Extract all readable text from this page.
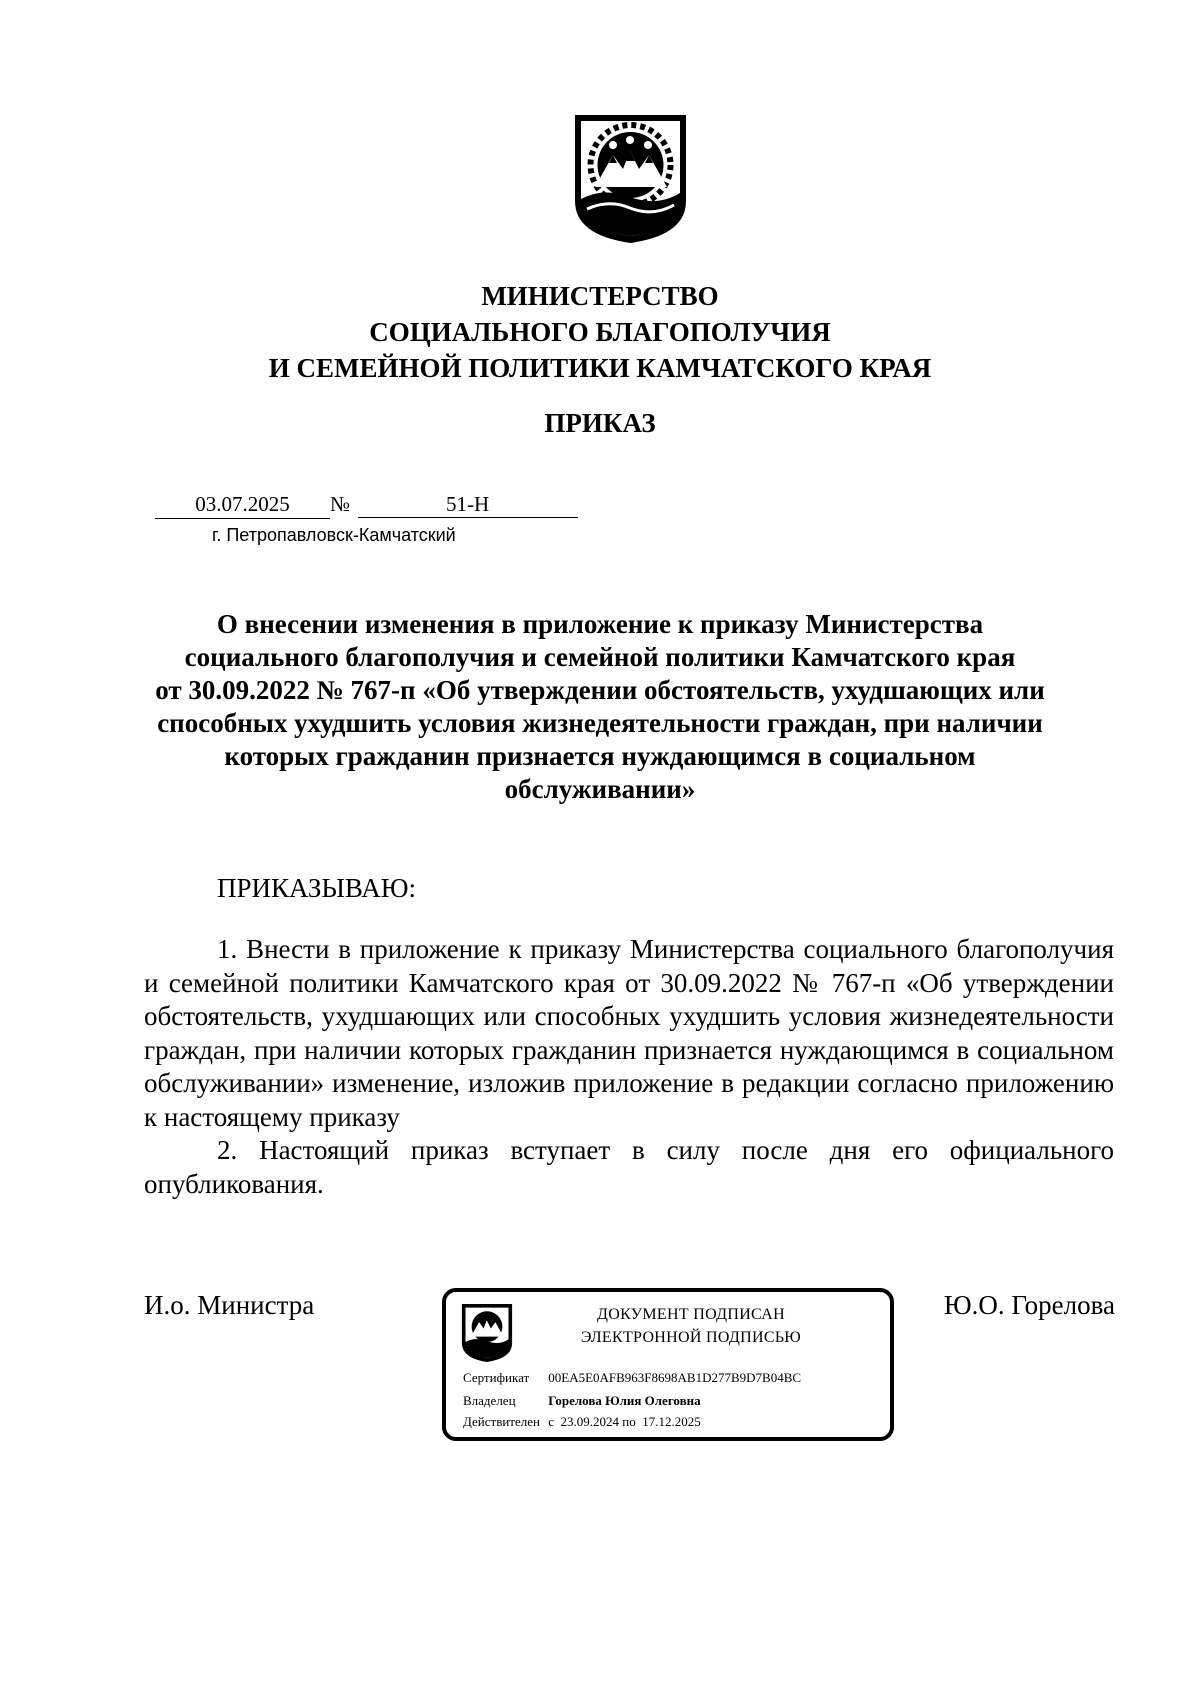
МИНИСТЕРСТВО
СОЦИАЛЬНОГО БЛАГОПОЛУЧИЯ
И СЕМЕЙНОЙ ПОЛИТИКИ КАМЧАТСКОГО КРАЯ
ПРИКАЗ
03.07.2025	№	51-Н
г. Петропавловск-Камчатский
О внесении изменения в приложение к приказу Министерства
социального благополучия и семейной политики Камчатского края
от 30.09.2022 № 767-п «Об утверждении обстоятельств, ухудшающих или
способных ухудшить условия жизнедеятельности граждан, при наличии
которых гражданин признается нуждающимся в социальном
обслуживании»
ПРИКАЗЫВАЮ:

1. Внести в приложение к приказу Министерства социального благополучия и семейной политики Камчатского края от 30.09.2022 № 767-п «Об утверждении обстоятельств, ухудшающих или способных ухудшить условия жизнедеятельности граждан, при наличии которых гражданин признается нуждающимся в социальном обслуживании» изменение, изложив приложение в редакции согласно приложению к настоящему приказу

2. Настоящий приказ вступает в силу после дня его официального опубликования.

И.о. Министра	Ю.О. Горелова
ДОКУМЕНТ ПОДПИСАН
ЭЛЕКТРОННОЙ ПОДПИСЬЮ
Сертификат 00EA5E0AFB963F8698AB1D277B9D7B04BC
Владелец	Горелова Юлия Олеговна
Действителен с  23.09.2024 по  17.12.2025
